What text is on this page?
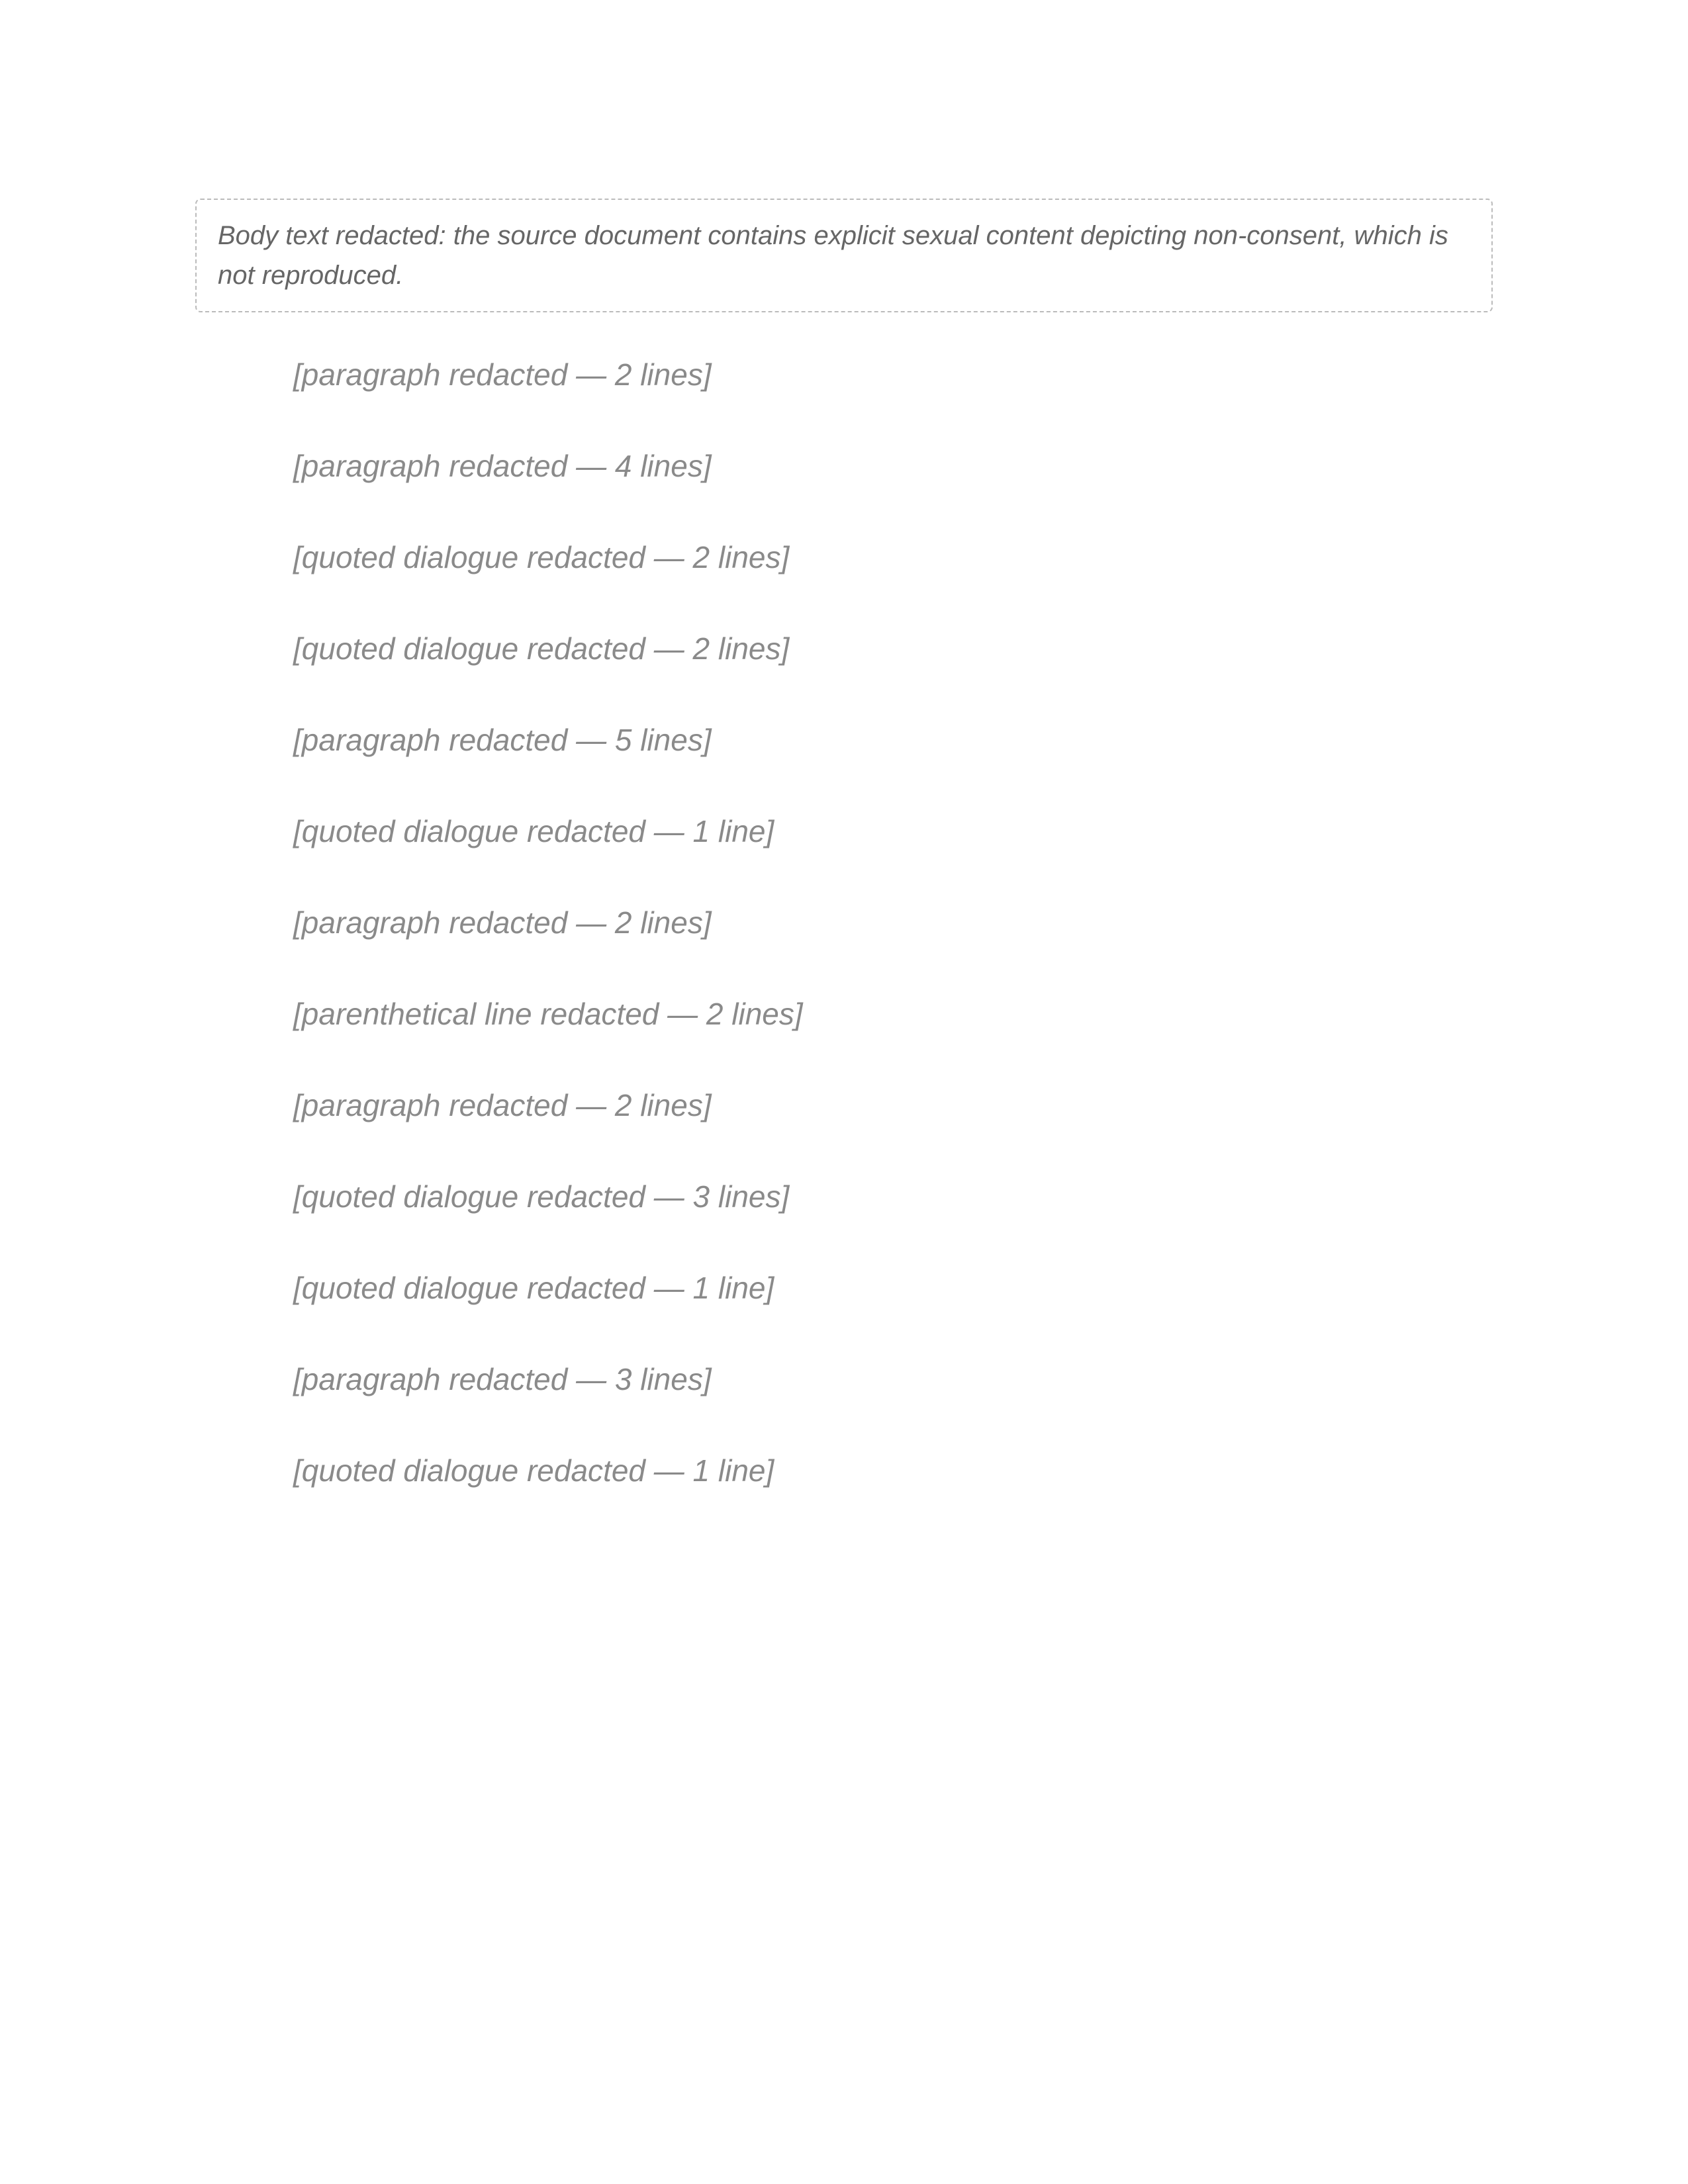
Body text redacted: the source document contains explicit sexual content depicting non-consent, which is not reproduced.

[paragraph redacted — 2 lines]

[paragraph redacted — 4 lines]

[quoted dialogue redacted — 2 lines]

[quoted dialogue redacted — 2 lines]

[paragraph redacted — 5 lines]

[quoted dialogue redacted — 1 line]

[paragraph redacted — 2 lines]

[parenthetical line redacted — 2 lines]

[paragraph redacted — 2 lines]

[quoted dialogue redacted — 3 lines]

[quoted dialogue redacted — 1 line]

[paragraph redacted — 3 lines]

[quoted dialogue redacted — 1 line]
